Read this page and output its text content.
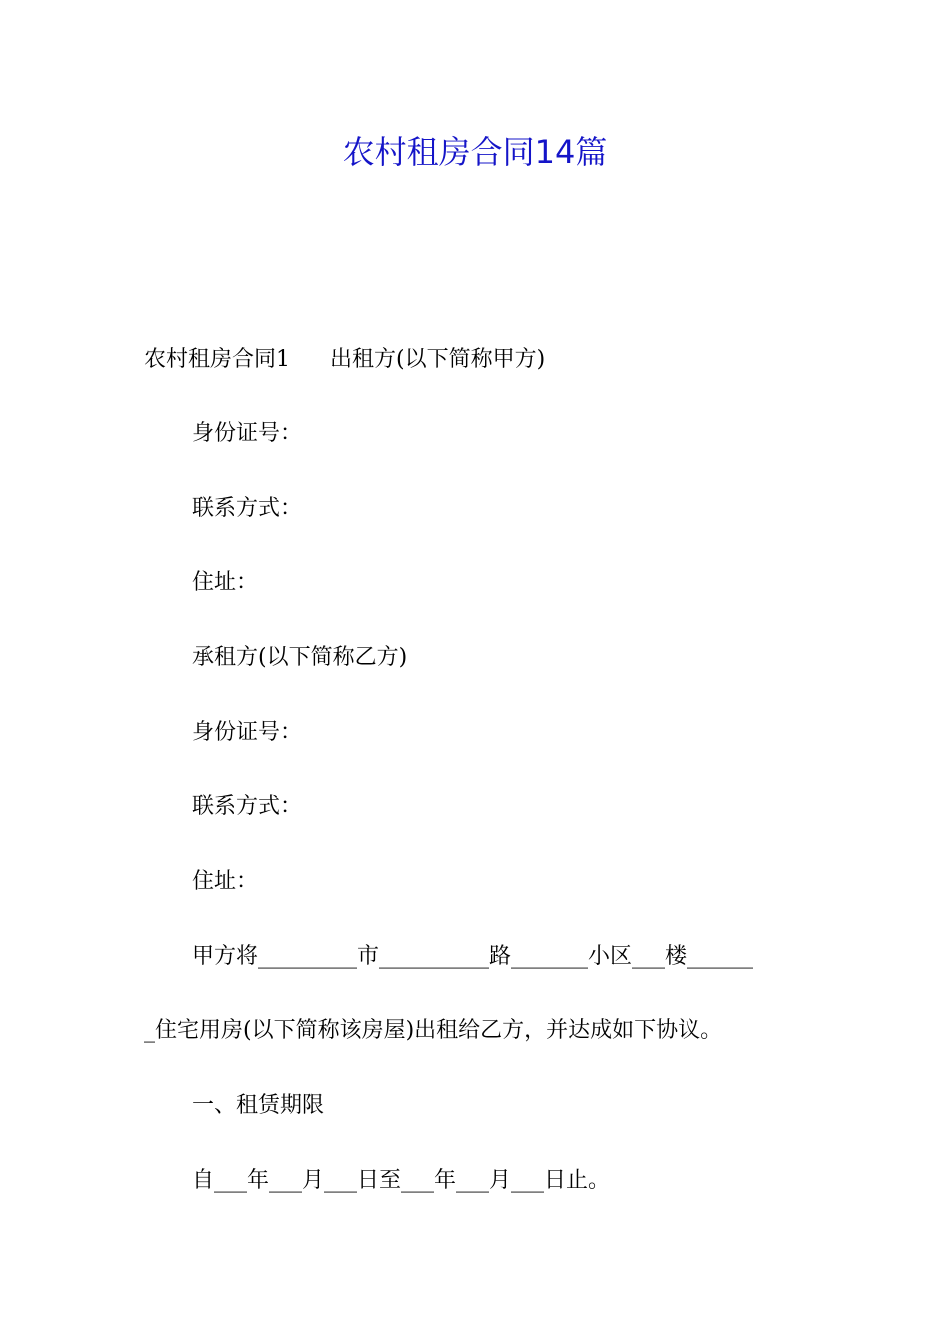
农村租房合同14篇

农村租房合同1 出租方(以下简称甲方)

身份证号：

联系方式：

住址：

承租方(以下简称乙方)

身份证号：

联系方式：

住址：

甲方将_________市__________路_______小区___楼______

_住宅用房(以下简称该房屋)出租给乙方，并达成如下协议。

一、租赁期限

自___年___月___日至___年___月___日止。
